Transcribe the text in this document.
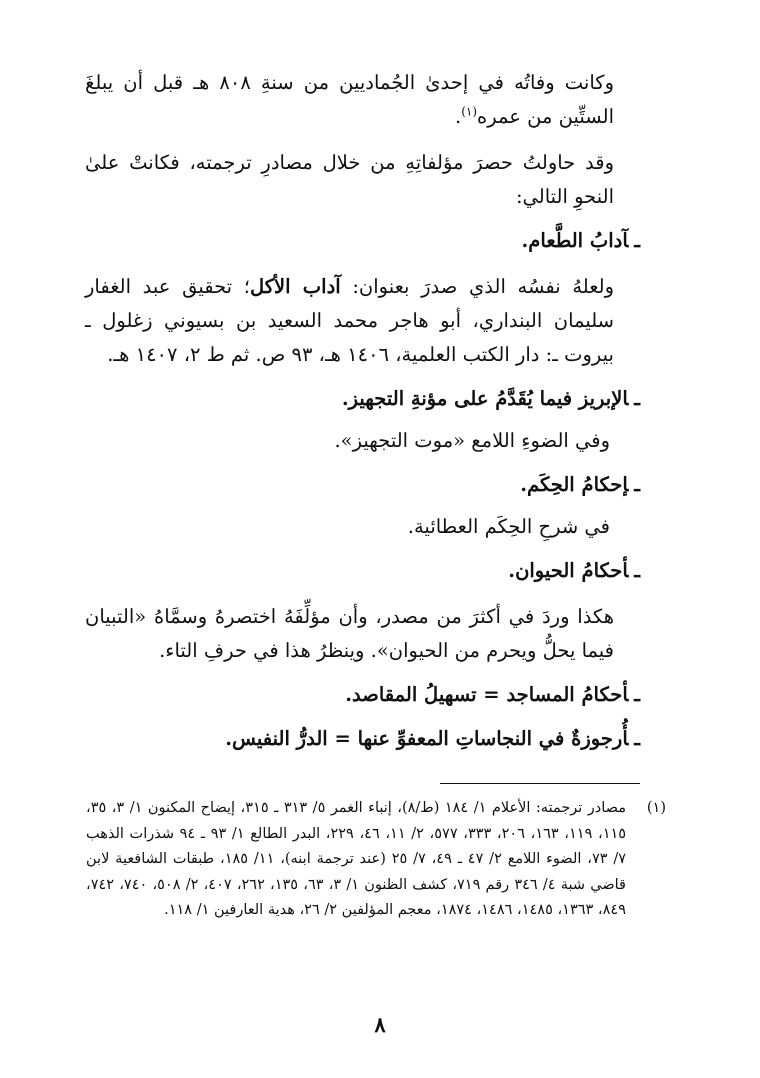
وكانت وفاتُه في إحدىٰ الجُماديين من سنةِ ٨٠٨ هـ قبل أن يبلغَ الستِّين من عمره$^{(١)}$.

وقد حاولتُ حصرَ مؤلفاتِهِ من خلال مصادرِ ترجمته، فكانتْ علىٰ النحوِ التالي:

ـآدابُ الطَّعام.

ولعلهُ نفسُه الذي صدرَ بعنوان: آداب الأكل؛ تحقيق عبد الغفار سليمان البنداري، أبو هاجر محمد السعيد بن بسيوني زغلول ـ بيروت ـ: دار الكتب العلمية، ١٤٠٦ هـ، ٩٣ ص. ثم ط ٢، ١٤٠٧ هـ.

ـالإبريز فيما يُقَدَّمُ على مؤنةِ التجهيز.

وفي الضوءِ اللامع «موت التجهيز».

ـإحكامُ الحِكَم.

في شرحِ الحِكَم العطائية.

ـأحكامُ الحيوان.

هكذا وردَ في أكثرَ من مصدر، وأن مؤلِّفَهُ اختصرهُ وسمَّاهُ «التبيان فيما يحلُّ ويحرم من الحيوان». وينظرُ هذا في حرفِ التاء.

ـأحكامُ المساجد = تسهيلُ المقاصد.

ـأُرجوزةٌ في النجاساتِ المعفوِّ عنها = الدرُّ النفيس.

(١)
مصادر ترجمته: الأعلام ١/ ١٨٤ (ط/٨)، إنباء الغمر ٥/ ٣١٣ ـ ٣١٥، إيضاح المكنون ١/ ٣، ٣٥، ١١٥، ١١٩، ١٦٣، ٢٠٦، ٣٣٣، ٥٧٧، ٢/ ١١، ٤٦، ٢٢٩، البدر الطالع ١/ ٩٣ ـ ٩٤ شذرات الذهب ٧/ ٧٣، الضوء اللامع ٢/ ٤٧ ـ ٤٩، ٧/ ٢٥ (عند ترجمة ابنه)، ١١/ ١٨٥، طبقات الشافعية لابن قاضي شبة ٤/ ٣٤٦ رقم ٧١٩، كشف الظنون ١/ ٣، ٦٣، ١٣٥، ٢٦٢، ٤٠٧، ٢/ ٥٠٨، ٧٤٠، ٧٤٢، ٨٤٩، ١٣٦٣، ١٤٨٥، ١٤٨٦، ١٨٧٤، معجم المؤلفين ٢/ ٢٦، هدية العارفين ١/ ١١٨.
٨
